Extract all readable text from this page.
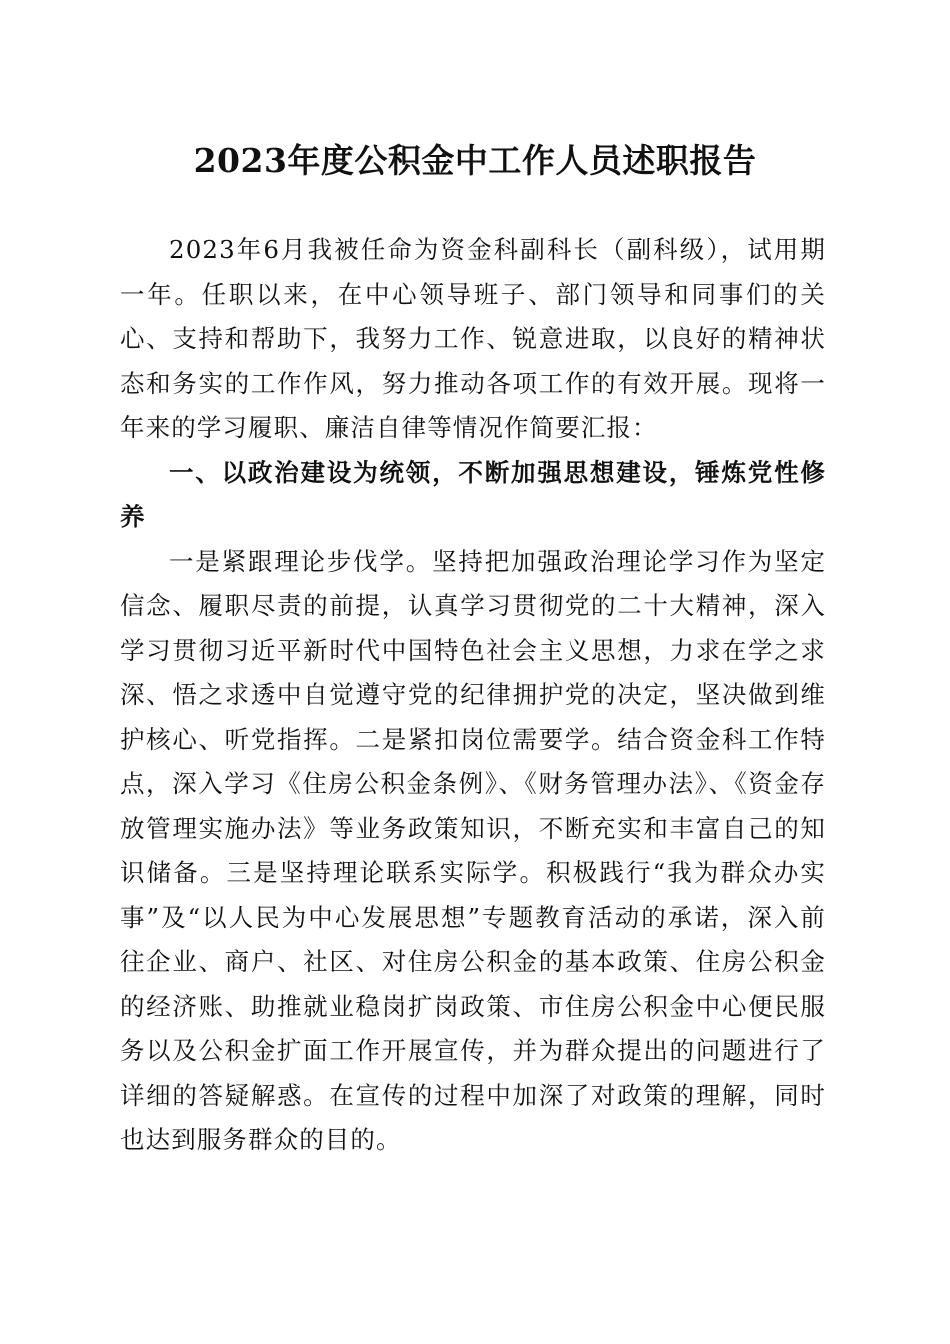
2023年度公积金中工作人员述职报告

2023年6月我被任命为资金科副科长（副科级），试用期一年。任职以来，在中心领导班子、部门领导和同事们的关心、支持和帮助下，我努力工作、锐意进取，以良好的精神状态和务实的工作作风，努力推动各项工作的有效开展。现将一年来的学习履职、廉洁自律等情况作简要汇报：

一、以政治建设为统领，不断加强思想建设，锤炼党性修养

一是紧跟理论步伐学。坚持把加强政治理论学习作为坚定信念、履职尽责的前提，认真学习贯彻党的二十大精神，深入学习贯彻习近平新时代中国特色社会主义思想，力求在学之求深、悟之求透中自觉遵守党的纪律拥护党的决定，坚决做到维护核心、听党指挥。二是紧扣岗位需要学。结合资金科工作特点，深入学习《住房公积金条例》、《财务管理办法》、《资金存放管理实施办法》等业务政策知识，不断充实和丰富自己的知识储备。三是坚持理论联系实际学。积极践行“我为群众办实事”及“以人民为中心发展思想”专题教育活动的承诺，深入前往企业、商户、社区、对住房公积金的基本政策、住房公积金的经济账、助推就业稳岗扩岗政策、市住房公积金中心便民服务以及公积金扩面工作开展宣传，并为群众提出的问题进行了详细的答疑解惑。在宣传的过程中加深了对政策的理解，同时也达到服务群众的目的。
